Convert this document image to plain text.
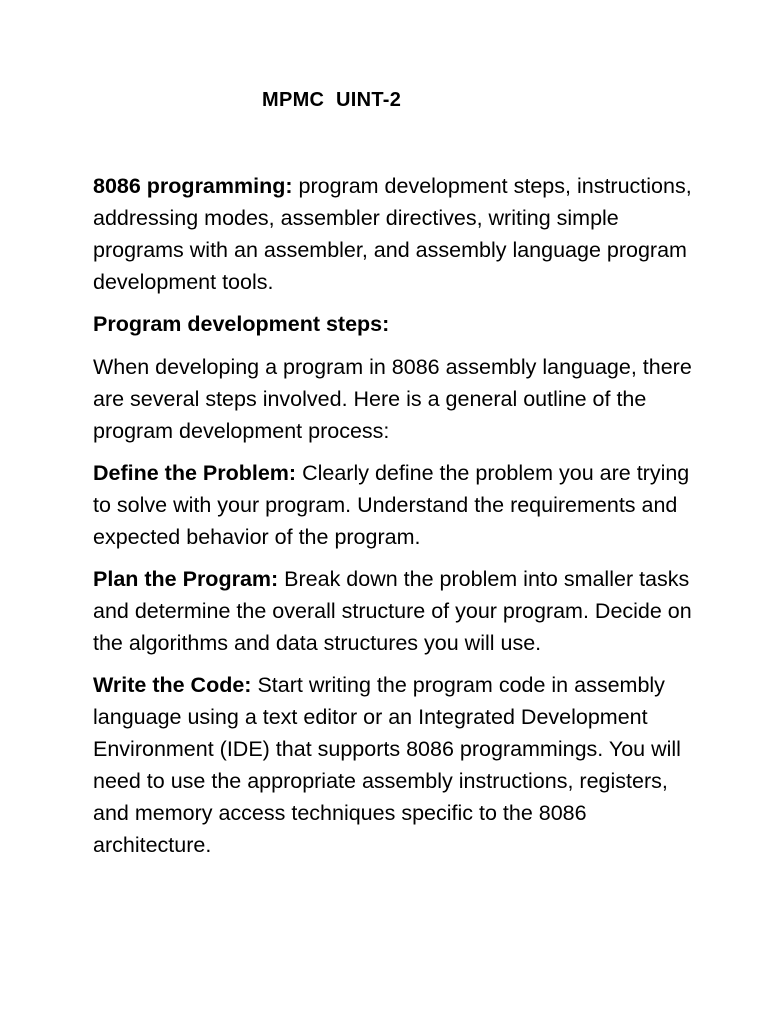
MPMC  UINT-2

8086 programming: program development steps, instructions, addressing modes, assembler directives, writing simple programs with an assembler, and assembly language program development tools.

Program development steps:

When developing a program in 8086 assembly language, there are several steps involved. Here is a general outline of the program development process:

Define the Problem: Clearly define the problem you are trying to solve with your program. Understand the requirements and expected behavior of the program.

Plan the Program: Break down the problem into smaller tasks and determine the overall structure of your program. Decide on the algorithms and data structures you will use.

Write the Code: Start writing the program code in assembly language using a text editor or an Integrated Development Environment (IDE) that supports 8086 programmings. You will need to use the appropriate assembly instructions, registers, and memory access techniques specific to the 8086 architecture.
